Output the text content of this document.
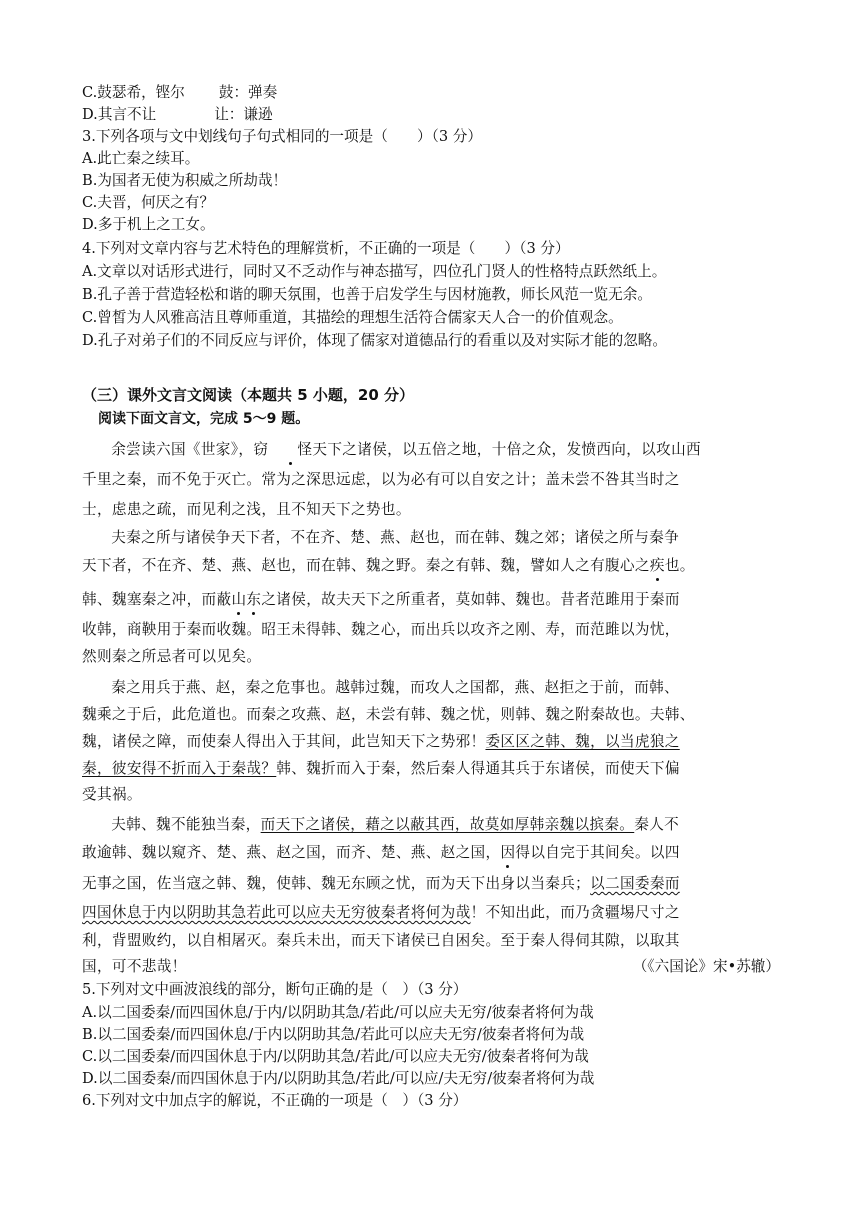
C.鼓瑟希，铿尔 鼓：弹奏
D.其言不让	让：谦逊
3.下列各项与文中划线句子句式相同的一项是（　　）（3 分）
A.此亡秦之续耳。
B.为国者无使为积威之所劫哉！
C.夫晋，何厌之有？
D.多于机上之工女。
4.下列对文章内容与艺术特色的理解赏析，不正确的一项是（　　）（3 分）
A.文章以对话形式进行，同时又不乏动作与神态描写，四位孔门贤人的性格特点跃然纸上。
B.孔子善于营造轻松和谐的聊天氛围，也善于启发学生与因材施教，师长风范一览无余。
C.曾皙为人风雅高洁且尊师重道，其描绘的理想生活符合儒家天人合一的价值观念。
D.孔子对弟子们的不同反应与评价，体现了儒家对道德品行的看重以及对实际才能的忽略。
（三）课外文言文阅读（本题共 5 小题，20 分）
阅读下面文言文，完成 5～9 题。
余尝读六国《世家》，窃 怪天下之诸侯，以五倍之地，十倍之众，发愤西向，以攻山西
千里之秦，而不免于灭亡。常为之深思远虑，以为必有可以自安之计；盖未尝不咎其当时之
士，虑患之疏，而见利之浅，且不知天下之势也。
夫秦之所与诸侯争天下者，不在齐、楚、燕、赵也，而在韩、魏之郊；诸侯之所与秦争
天下者，不在齐、楚、燕、赵也，而在韩、魏之野。秦之有韩、魏，譬如人之有腹心之疾也。
韩、魏塞秦之冲，而蔽山东之诸侯，故夫天下之所重者，莫如韩、魏也。昔者范雎用于秦而
收韩，商鞅用于秦而收魏。昭王未得韩、魏之心，而出兵以攻齐之刚、寿，而范雎以为忧，
然则秦之所忌者可以见矣。
秦之用兵于燕、赵，秦之危事也。越韩过魏，而攻人之国都，燕、赵拒之于前，而韩、
魏乘之于后，此危道也。而秦之攻燕、赵，未尝有韩、魏之忧，则韩、魏之附秦故也。夫韩、
魏，诸侯之障，而使秦人得出入于其间，此岂知天下之势邪！委区区之韩、魏，以当虎狼之
秦，彼安得不折而入于秦哉？韩、魏折而入于秦，然后秦人得通其兵于东诸侯，而使天下偏
受其祸。
夫韩、魏不能独当秦，而天下之诸侯，藉之以蔽其西，故莫如厚韩亲魏以摈秦。秦人不
敢逾韩、魏以窥齐、楚、燕、赵之国，而齐、楚、燕、赵之国，因得以自完于其间矣。以四
无事之国，佐当寇之韩、魏，使韩、魏无东顾之忧，而为天下出身以当秦兵；以二国委秦而
四国休息于内以阴助其急若此可以应夫无穷彼秦者将何为哉！不知出此，而乃贪疆埸尺寸之
利，背盟败约，以自相屠灭。秦兵未出，而天下诸侯已自困矣。至于秦人得伺其隙，以取其
国，可不悲哉！	（《六国论》宋•苏辙）
5.下列对文中画波浪线的部分，断句正确的是（　）（3 分）
A.以二国委秦/而四国休息/于内/以阴助其急/若此/可以应夫无穷/彼秦者将何为哉
B.以二国委秦/而四国休息/于内以阴助其急/若此可以应夫无穷/彼秦者将何为哉
C.以二国委秦/而四国休息于内/以阴助其急/若此/可以应夫无穷/彼秦者将何为哉
D.以二国委秦/而四国休息于内/以阴助其急/若此/可以应/夫无穷/彼秦者将何为哉
6.下列对文中加点字的解说，不正确的一项是（　）（3 分）
